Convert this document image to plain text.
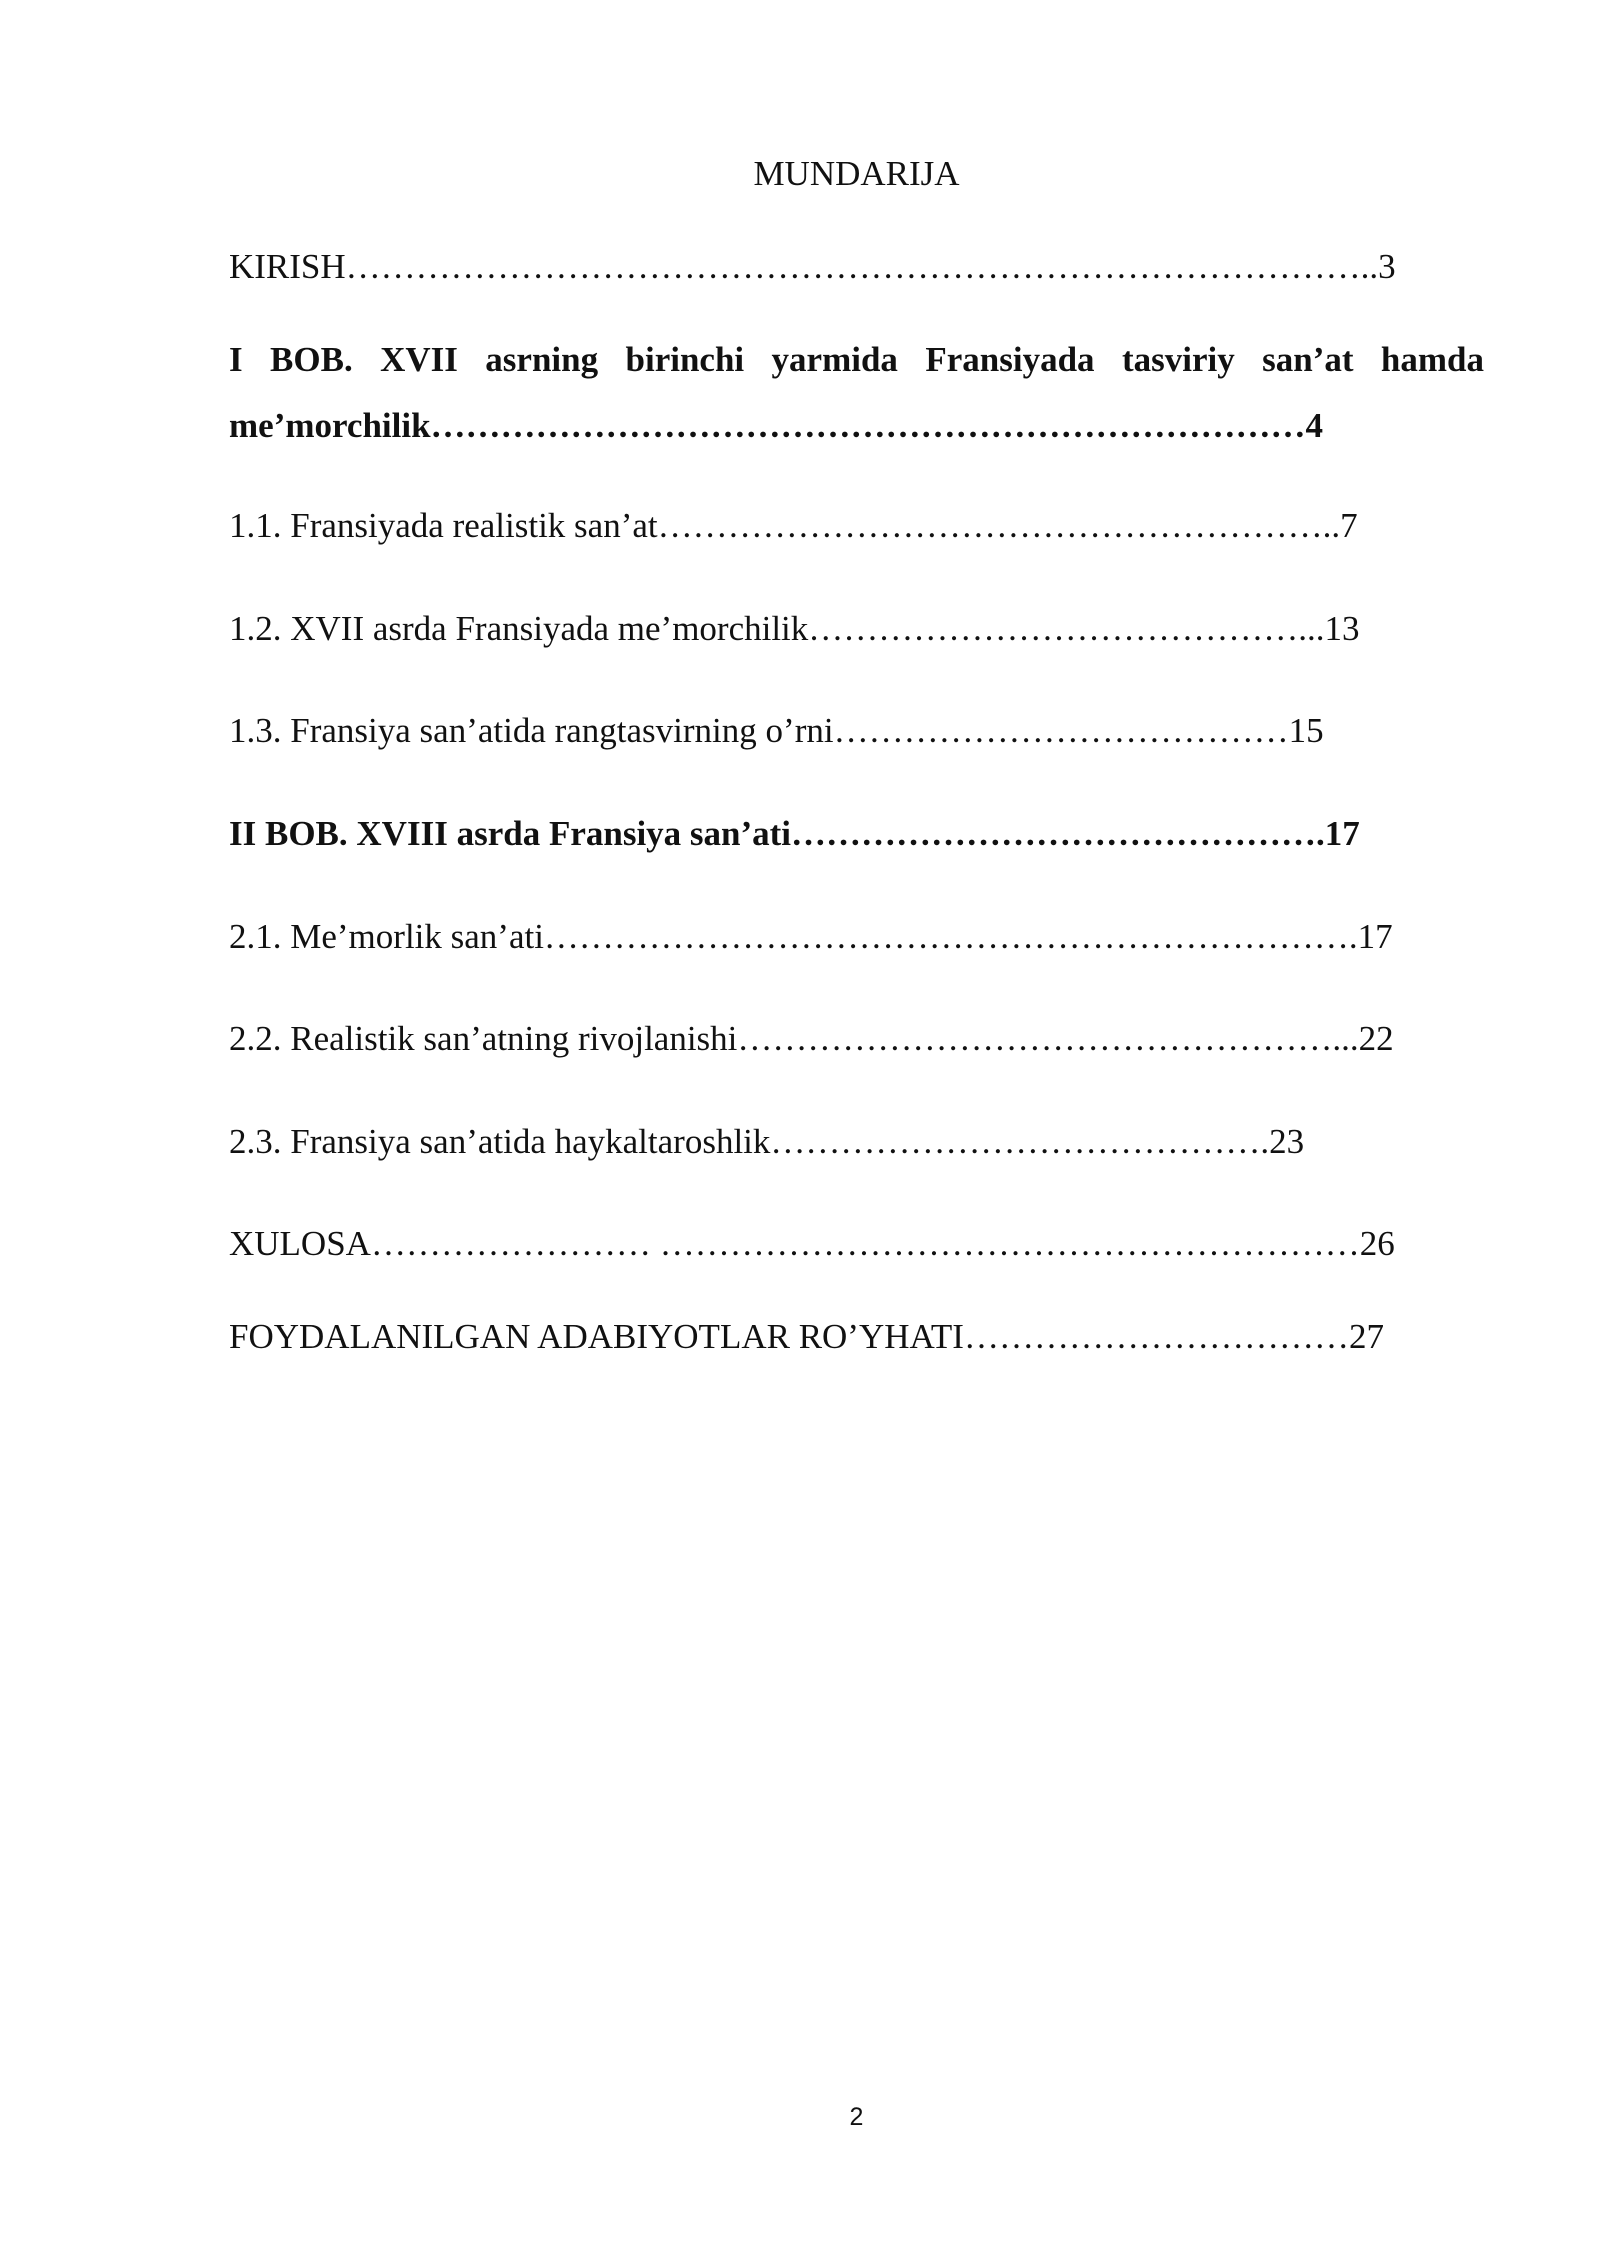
MUNDARIJA
KIRISH……………………………………………………………………………..3
I BOB. XVII asrning birinchi yarmida Fransiyada tasviriy san’at hamda
me’morchilik…………………………………………………………………4
1.1. Fransiyada realistik san’at…………………………………………………..7
1.2. XVII asrda Fransiyada me’morchilik……………………………………...13
1.3. Fransiya san’atida rangtasvirning o’rni…………………………………15
II BOB. XVIII asrda Fransiya san’ati……………………………………….17
2.1. Me’morlik san’ati…………………………………………………………….17
2.2. Realistik san’atning rivojlanishi……………………………………………...22
2.3. Fransiya san’atida haykaltaroshlik…………………………………….23
XULOSA…………………… ……………………………………………………26
FOYDALANILGAN ADABIYOTLAR RO’YHATI……………………………27
2
